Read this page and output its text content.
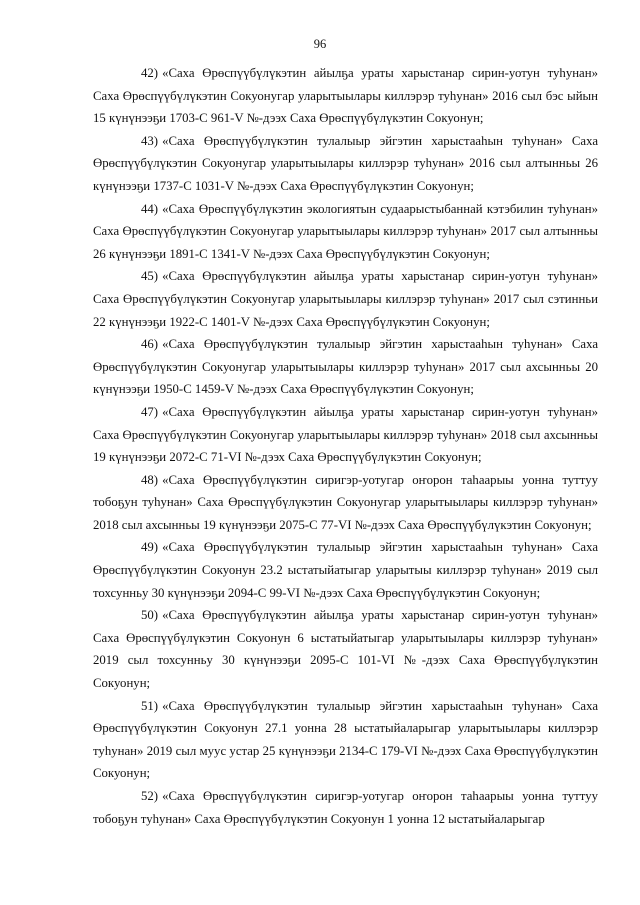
96

42) «Саха Өрөспүүбүлүкэтин айылҕа ураты харыстанар сирин-уотун туһунан» Саха Өрөспүүбүлүкэтин Сокуонугар уларытыылары киллэрэр туһунан» 2016 сыл бэс ыйын 15 күнүнээҕи 1703-С 961-V №-дээх Саха Өрөспүүбүлүкэтин Сокуонун;

43) «Саха Өрөспүүбүлүкэтин тулалыыр эйгэтин харыстааһын туһунан» Саха Өрөспүүбүлүкэтин Сокуонугар уларытыылары киллэрэр туһунан» 2016 сыл алтынньы 26 күнүнээҕи 1737-С 1031-V №-дээх Саха Өрөспүүбүлүкэтин Сокуонун;

44) «Саха Өрөспүүбүлүкэтин экологиятын судаарыстыбаннай кэтэбилин туһунан» Саха Өрөспүүбүлүкэтин Сокуонугар уларытыылары киллэрэр туһунан» 2017 сыл алтынньы 26 күнүнээҕи 1891-С 1341-V №-дээх Саха Өрөспүүбүлүкэтин Сокуонун;

45) «Саха Өрөспүүбүлүкэтин айылҕа ураты харыстанар сирин-уотун туһунан» Саха Өрөспүүбүлүкэтин Сокуонугар уларытыылары киллэрэр туһунан» 2017 сыл сэтинньи 22 күнүнээҕи 1922-С 1401-V №-дээх Саха Өрөспүүбүлүкэтин Сокуонун;

46) «Саха Өрөспүүбүлүкэтин тулалыыр эйгэтин харыстааһын туһунан» Саха Өрөспүүбүлүкэтин Сокуонугар уларытыылары киллэрэр туһунан» 2017 сыл ахсынньы 20 күнүнээҕи 1950-С 1459-V №-дээх Саха Өрөспүүбүлүкэтин Сокуонун;

47) «Саха Өрөспүүбүлүкэтин айылҕа ураты харыстанар сирин-уотун туһунан» Саха Өрөспүүбүлүкэтин Сокуонугар уларытыылары киллэрэр туһунан» 2018 сыл ахсынньы 19 күнүнээҕи 2072-С 71-VI №-дээх Саха Өрөспүүбүлүкэтин Сокуонун;

48) «Саха Өрөспүүбүлүкэтин сиригэр-уотугар оҥорон таһаарыы уонна туттуу тобоҕун туһунан» Саха Өрөспүүбүлүкэтин Сокуонугар уларытыылары киллэрэр туһунан» 2018 сыл ахсынньы 19 күнүнээҕи 2075-С 77-VI №-дээх Саха Өрөспүүбүлүкэтин Сокуонун;

49) «Саха Өрөспүүбүлүкэтин тулалыыр эйгэтин харыстааһын туһунан» Саха Өрөспүүбүлүкэтин Сокуонун 23.2 ыстатыйатыгар уларытыы киллэрэр туһунан» 2019 сыл тохсунньу 30 күнүнээҕи 2094-С 99-VI №-дээх Саха Өрөспүүбүлүкэтин Сокуонун;

50) «Саха Өрөспүүбүлүкэтин айылҕа ураты харыстанар сирин-уотун туһунан» Саха Өрөспүүбүлүкэтин Сокуонун 6 ыстатыйатыгар уларытыылары киллэрэр туһунан» 2019 сыл тохсунньу 30 күнүнээҕи 2095-С 101-VI №-дээх Саха Өрөспүүбүлүкэтин Сокуонун;

51) «Саха Өрөспүүбүлүкэтин тулалыыр эйгэтин харыстааһын туһунан» Саха Өрөспүүбүлүкэтин Сокуонун 27.1 уонна 28 ыстатыйаларыгар уларытыылары киллэрэр туһунан» 2019 сыл муус устар 25 күнүнээҕи 2134-С 179-VI №-дээх Саха Өрөспүүбүлүкэтин Сокуонун;

52) «Саха Өрөспүүбүлүкэтин сиригэр-уотугар оҥорон таһаарыы уонна туттуу тобоҕун туһунан» Саха Өрөспүүбүлүкэтин Сокуонун 1 уонна 12 ыстатыйаларыгар
